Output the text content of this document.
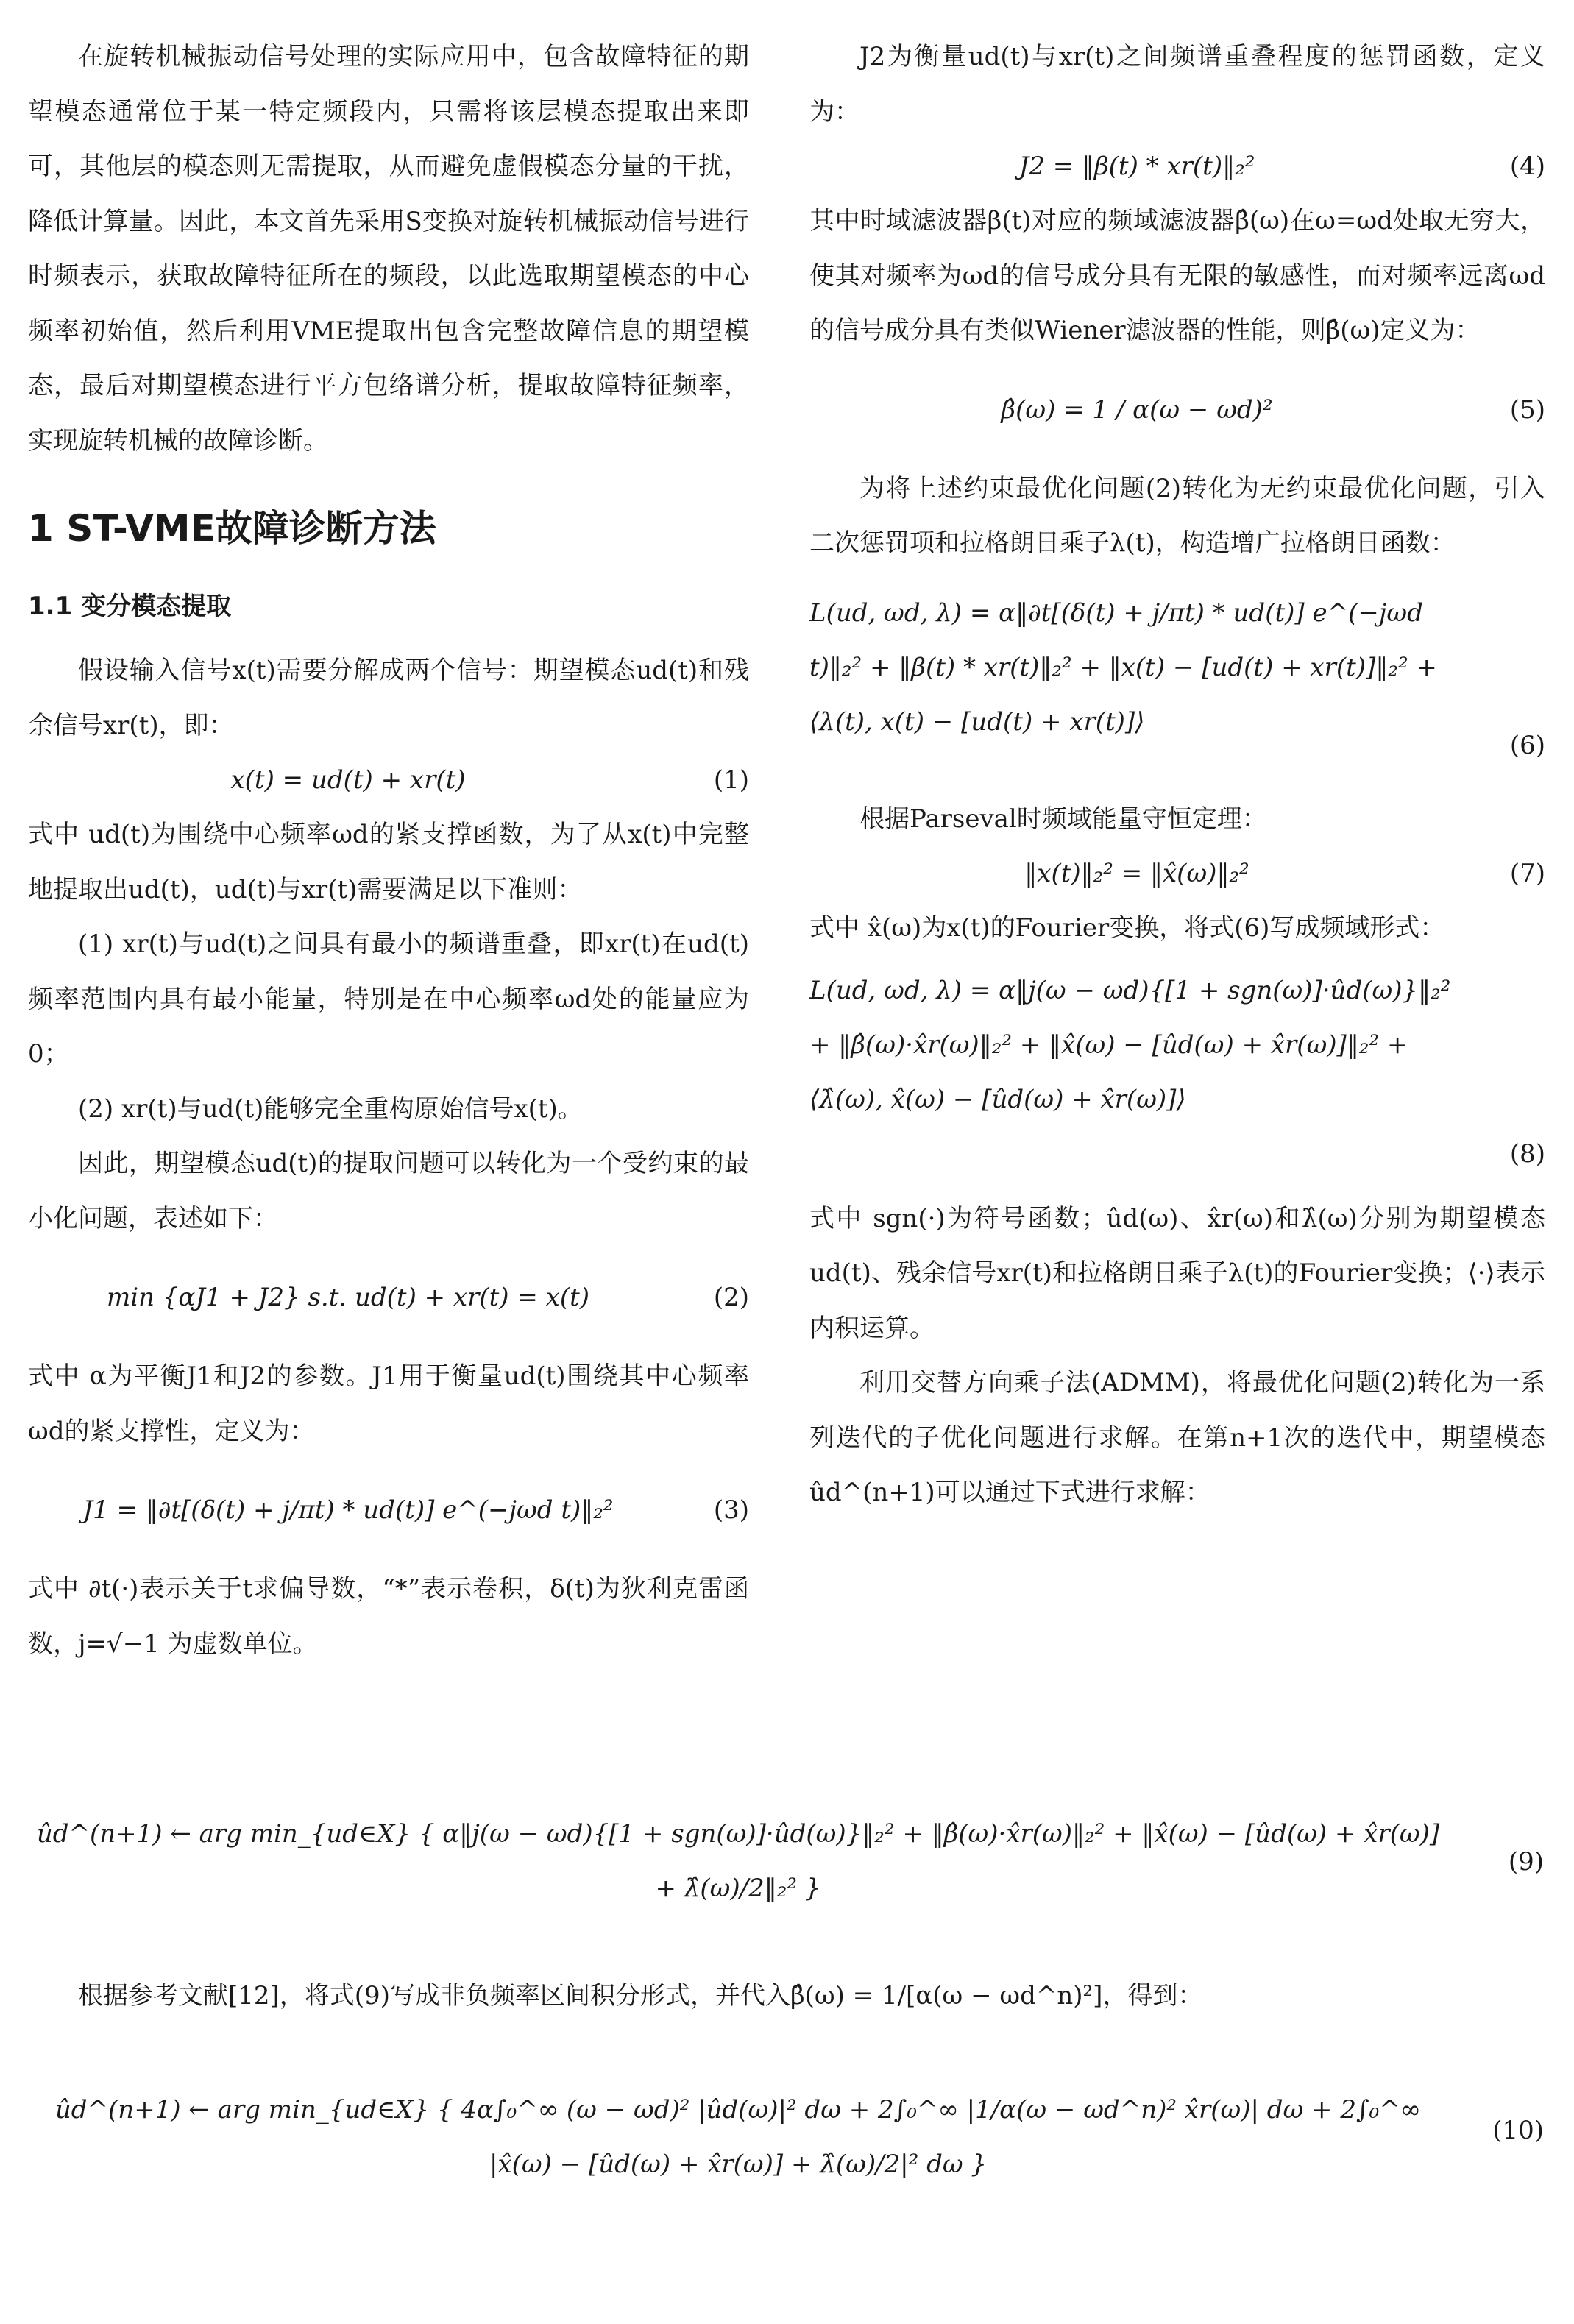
在旋转机械振动信号处理的实际应用中，包含故障特征的期望模态通常位于某一特定频段内，只需将该层模态提取出来即可，其他层的模态则无需提取，从而避免虚假模态分量的干扰，降低计算量。因此，本文首先采用S变换对旋转机械振动信号进行时频表示，获取故障特征所在的频段，以此选取期望模态的中心频率初始值，然后利用VME提取出包含完整故障信息的期望模态，最后对期望模态进行平方包络谱分析，提取故障特征频率，实现旋转机械的故障诊断。

1 ST-VME故障诊断方法
1.1 变分模态提取

假设输入信号x(t)需要分解成两个信号：期望模态ud(t)和残余信号xr(t)，即：

x(t) = ud(t) + xr(t)	(1)

式中 ud(t)为围绕中心频率ωd的紧支撑函数，为了从x(t)中完整地提取出ud(t)，ud(t)与xr(t)需要满足以下准则：

(1) xr(t)与ud(t)之间具有最小的频谱重叠，即xr(t)在ud(t)频率范围内具有最小能量，特别是在中心频率ωd处的能量应为0；

(2) xr(t)与ud(t)能够完全重构原始信号x(t)。

因此，期望模态ud(t)的提取问题可以转化为一个受约束的最小化问题，表述如下：

min {αJ1 + J2} s.t. ud(t) + xr(t) = x(t)	(2)

式中 α为平衡J1和J2的参数。J1用于衡量ud(t)围绕其中心频率ωd的紧支撑性，定义为：

J1 = ‖∂t[(δ(t) + j/πt) * ud(t)] e^(−jωd t)‖₂²	(3)

式中 ∂t(·)表示关于t求偏导数，“*”表示卷积，δ(t)为狄利克雷函数，j=√−1 为虚数单位。

J2为衡量ud(t)与xr(t)之间频谱重叠程度的惩罚函数，定义为：

J2 = ‖β(t) * xr(t)‖₂²	(4)

其中时域滤波器β(t)对应的频域滤波器β̂(ω)在ω=ωd处取无穷大，使其对频率为ωd的信号成分具有无限的敏感性，而对频率远离ωd的信号成分具有类似Wiener滤波器的性能，则β̂(ω)定义为：

β̂(ω) = 1 / α(ω − ωd)²	(5)

为将上述约束最优化问题(2)转化为无约束最优化问题，引入二次惩罚项和拉格朗日乘子λ(t)，构造增广拉格朗日函数：

L(ud, ωd, λ) = α‖∂t[(δ(t) + j/πt) * ud(t)] e^(−jωd t)‖₂² + ‖β(t) * xr(t)‖₂² + ‖x(t) − [ud(t) + xr(t)]‖₂² + ⟨λ(t), x(t) − [ud(t) + xr(t)]⟩
(6)

根据Parseval时频域能量守恒定理：

‖x(t)‖₂² = ‖x̂(ω)‖₂²	(7)

式中 x̂(ω)为x(t)的Fourier变换，将式(6)写成频域形式：

L(ud, ωd, λ) = α‖j(ω − ωd){[1 + sgn(ω)]·ûd(ω)}‖₂² + ‖β̂(ω)·x̂r(ω)‖₂² + ‖x̂(ω) − [ûd(ω) + x̂r(ω)]‖₂² + ⟨λ̂(ω), x̂(ω) − [ûd(ω) + x̂r(ω)]⟩
(8)

式中 sgn(·)为符号函数；ûd(ω)、x̂r(ω)和λ̂(ω)分别为期望模态ud(t)、残余信号xr(t)和拉格朗日乘子λ(t)的Fourier变换；⟨·⟩表示内积运算。

利用交替方向乘子法(ADMM)，将最优化问题(2)转化为一系列迭代的子优化问题进行求解。在第n+1次的迭代中，期望模态ûd^(n+1)可以通过下式进行求解：

ûd^(n+1) ← arg min_{ud∈X} { α‖j(ω − ωd){[1 + sgn(ω)]·ûd(ω)}‖₂² + ‖β̂(ω)·x̂r(ω)‖₂² + ‖x̂(ω) − [ûd(ω) + x̂r(ω)] + λ̂(ω)/2‖₂² }
(9)

根据参考文献[12]，将式(9)写成非负频率区间积分形式，并代入β̂(ω) = 1/[α(ω − ωd^n)²]，得到：

ûd^(n+1) ← arg min_{ud∈X} { 4α∫₀^∞ (ω − ωd)² |ûd(ω)|² dω + 2∫₀^∞ |1/α(ω − ωd^n)² x̂r(ω)| dω + 2∫₀^∞ |x̂(ω) − [ûd(ω) + x̂r(ω)] + λ̂(ω)/2|² dω }
(10)
